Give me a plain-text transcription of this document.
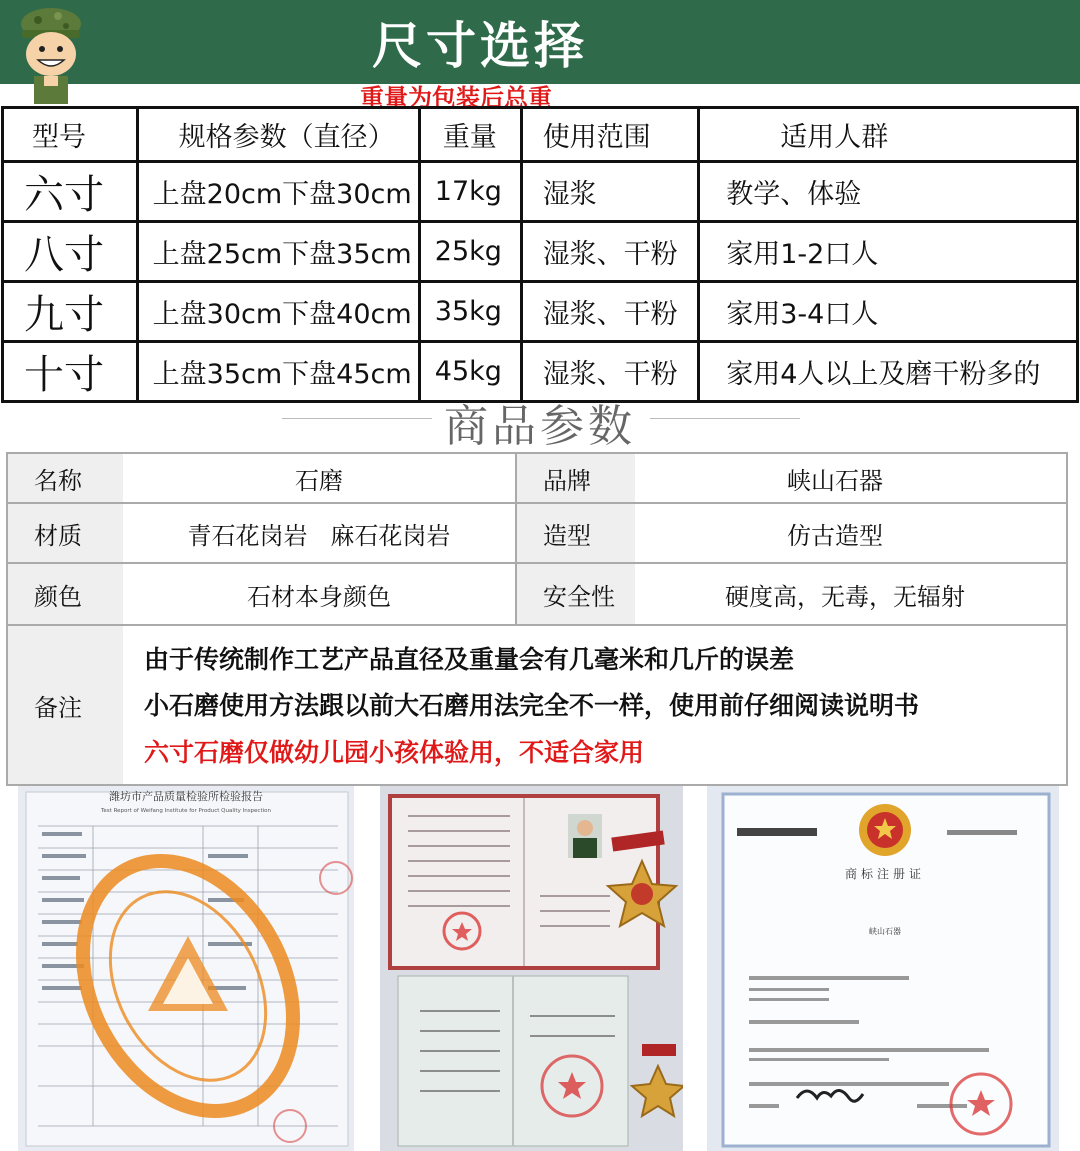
尺寸选择
重量为包装后总重
型号	规格参数（直径）	重量	使用范围	适用人群
六寸	上盘20cm下盘30cm	17kg	湿浆	教学、体验
八寸	上盘25cm下盘35cm	25kg	湿浆、干粉	家用1-2口人
九寸	上盘30cm下盘40cm	35kg	湿浆、干粉	家用3-4口人
十寸	上盘35cm下盘45cm	45kg	湿浆、干粉	家用4人以上及磨干粉多的
商品参数
名称	石磨	品牌	峡山石器
材质	青石花岗岩   麻石花岗岩	造型	仿古造型
颜色	石材本身颜色	安全性	硬度高，无毒，无辐射
备注
由于传统制作工艺产品直径及重量会有几毫米和几斤的误差
小石磨使用方法跟以前大石磨用法完全不一样，使用前仔细阅读说明书
六寸石磨仅做幼儿园小孩体验用，不适合家用
潍坊市产品质量检验所检验报告
Test Report of Weifang Institute for Product Quality Inspection
商标注册证
峡山石器
